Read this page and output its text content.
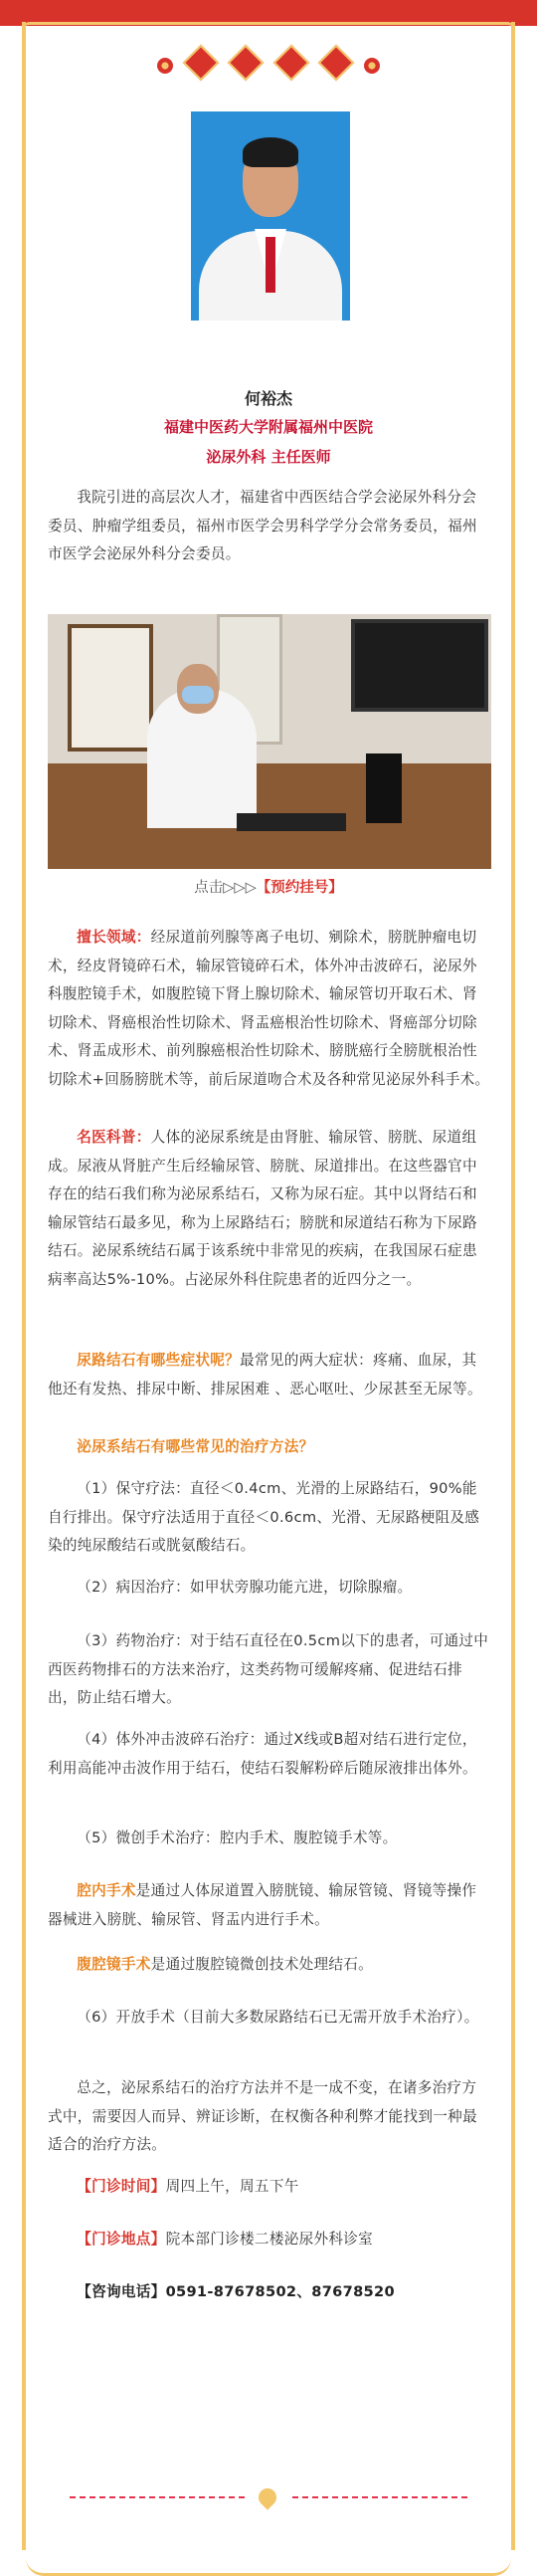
何裕杰
福建中医药大学附属福州中医院
泌尿外科 主任医师

我院引进的高层次人才，福建省中西医结合学会泌尿外科分会委员、肿瘤学组委员，福州市医学会男科学学分会常务委员，福州市医学会泌尿外科分会委员。

点击▷▷▷【预约挂号】

擅长领域：经尿道前列腺等离子电切、剜除术，膀胱肿瘤电切术，经皮肾镜碎石术，输尿管镜碎石术，体外冲击波碎石，泌尿外科腹腔镜手术，如腹腔镜下肾上腺切除术、输尿管切开取石术、肾切除术、肾癌根治性切除术、肾盂癌根治性切除术、肾癌部分切除术、肾盂成形术、前列腺癌根治性切除术、膀胱癌行全膀胱根治性切除术+回肠膀胱术等，前后尿道吻合术及各种常见泌尿外科手术。

名医科普：人体的泌尿系统是由肾脏、输尿管、膀胱、尿道组成。尿液从肾脏产生后经输尿管、膀胱、尿道排出。在这些器官中存在的结石我们称为泌尿系结石，又称为尿石症。其中以肾结石和输尿管结石最多见，称为上尿路结石；膀胱和尿道结石称为下尿路结石。泌尿系统结石属于该系统中非常见的疾病，在我国尿石症患病率高达5%-10%。占泌尿外科住院患者的近四分之一。

尿路结石有哪些症状呢？最常见的两大症状：疼痛、血尿，其他还有发热、排尿中断、排尿困难 、恶心呕吐、少尿甚至无尿等。

泌尿系结石有哪些常见的治疗方法？

（1）保守疗法：直径＜0.4cm、光滑的上尿路结石，90%能自行排出。保守疗法适用于直径＜0.6cm、光滑、无尿路梗阻及感染的纯尿酸结石或胱氨酸结石。

（2）病因治疗：如甲状旁腺功能亢进，切除腺瘤。

（3）药物治疗：对于结石直径在0.5cm以下的患者，可通过中西医药物排石的方法来治疗，这类药物可缓解疼痛、促进结石排出，防止结石增大。

（4）体外冲击波碎石治疗：通过X线或B超对结石进行定位，利用高能冲击波作用于结石，使结石裂解粉碎后随尿液排出体外。

（5）微创手术治疗：腔内手术、腹腔镜手术等。

腔内手术是通过人体尿道置入膀胱镜、输尿管镜、肾镜等操作器械进入膀胱、输尿管、肾盂内进行手术。

腹腔镜手术是通过腹腔镜微创技术处理结石。

（6）开放手术（目前大多数尿路结石已无需开放手术治疗）。

总之，泌尿系结石的治疗方法并不是一成不变，在诸多治疗方式中，需要因人而异、辨证诊断，在权衡各种利弊才能找到一种最适合的治疗方法。

【门诊时间】周四上午，周五下午

【门诊地点】院本部门诊楼二楼泌尿外科诊室

【咨询电话】0591-87678502、87678520
